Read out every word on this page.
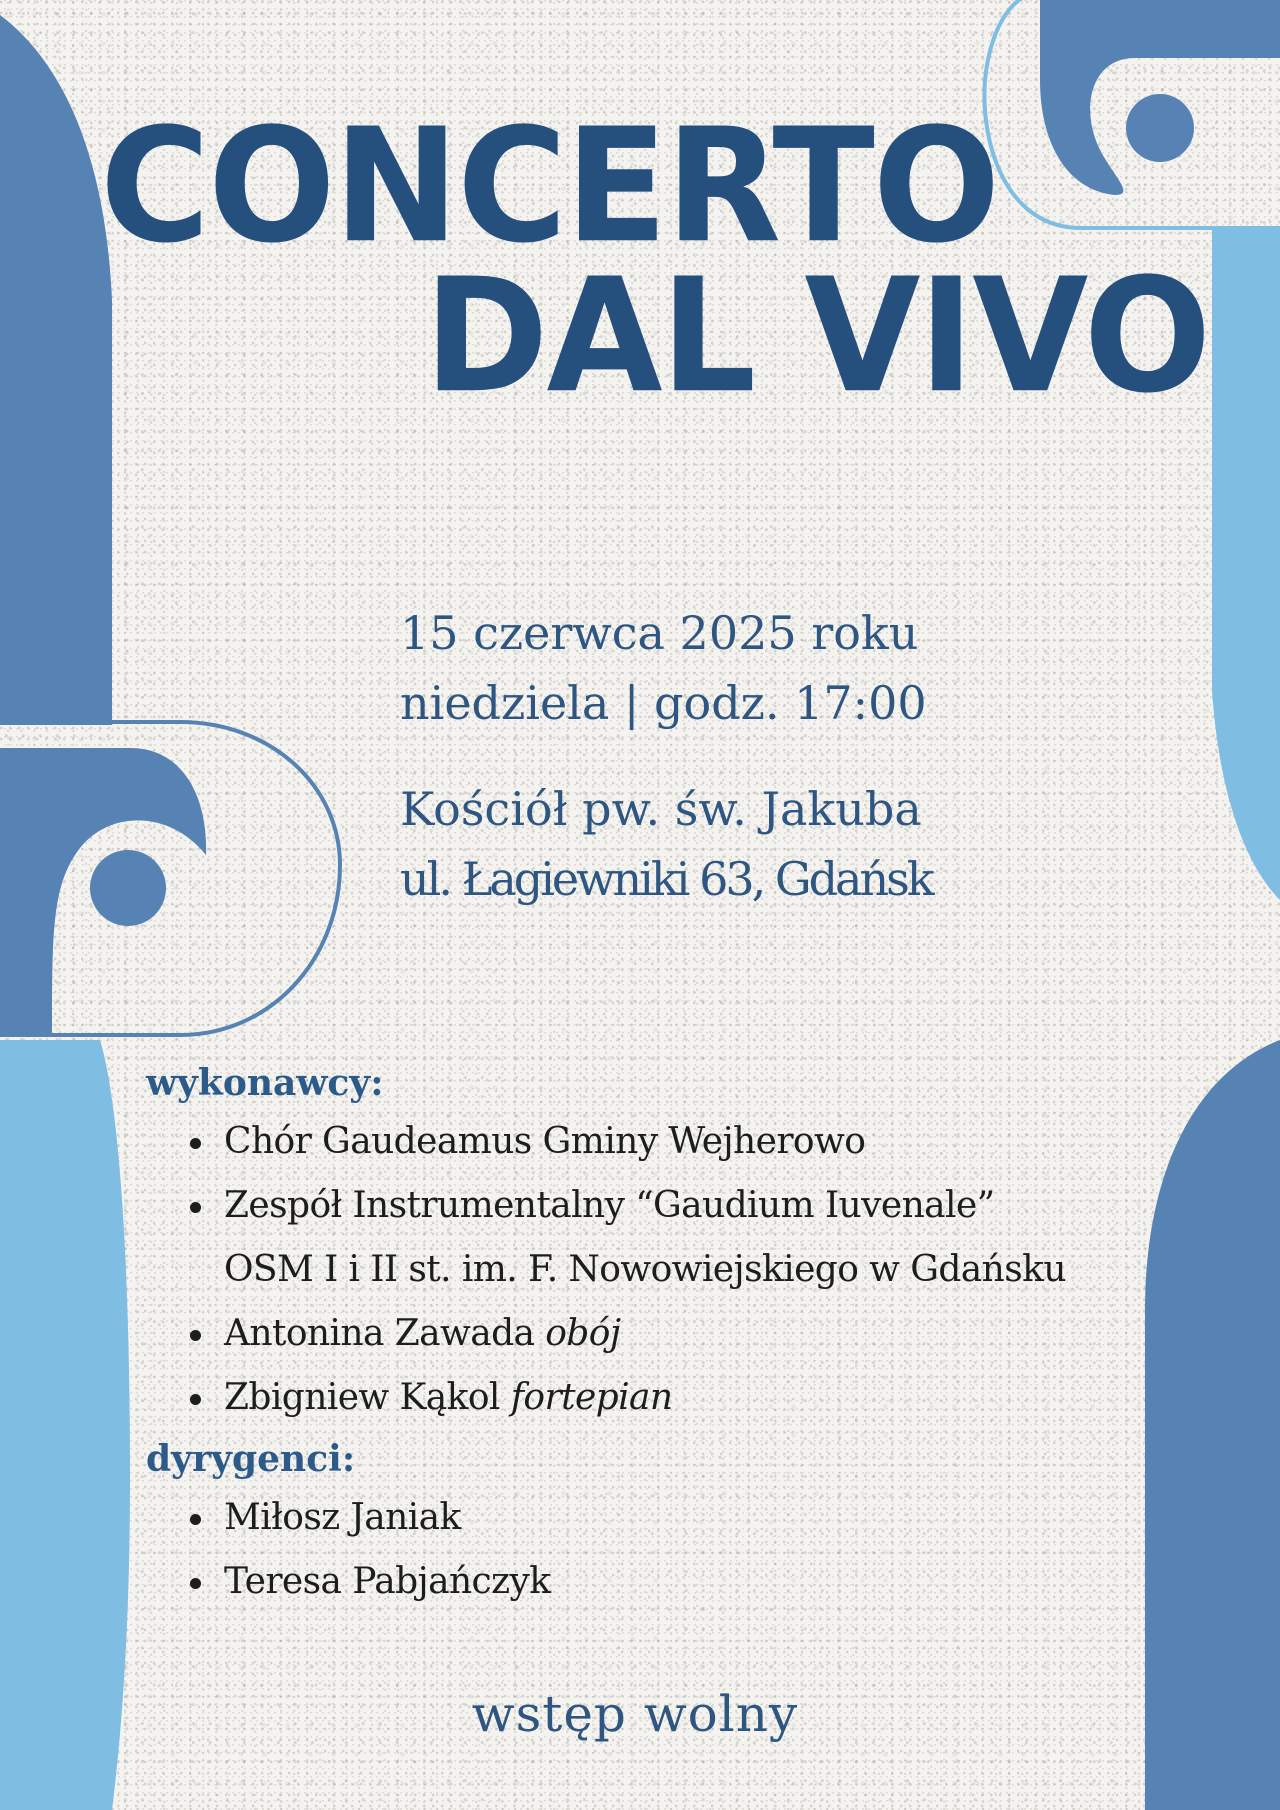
CONCERTO
DAL VIVO
15 czerwca 2025 roku
niedziela | godz. 17:00
Kościół pw. św. Jakuba
ul. Łagiewniki 63, Gdańsk
wykonawcy:
Chór Gaudeamus Gminy Wejherowo
Zespół Instrumentalny “Gaudium Iuvenale”
OSM I i II st. im. F. Nowowiejskiego w Gdańsku
Antonina Zawada obój
Zbigniew Kąkol fortepian
dyrygenci:
Miłosz Janiak
Teresa Pabjańczyk

wstęp wolny
